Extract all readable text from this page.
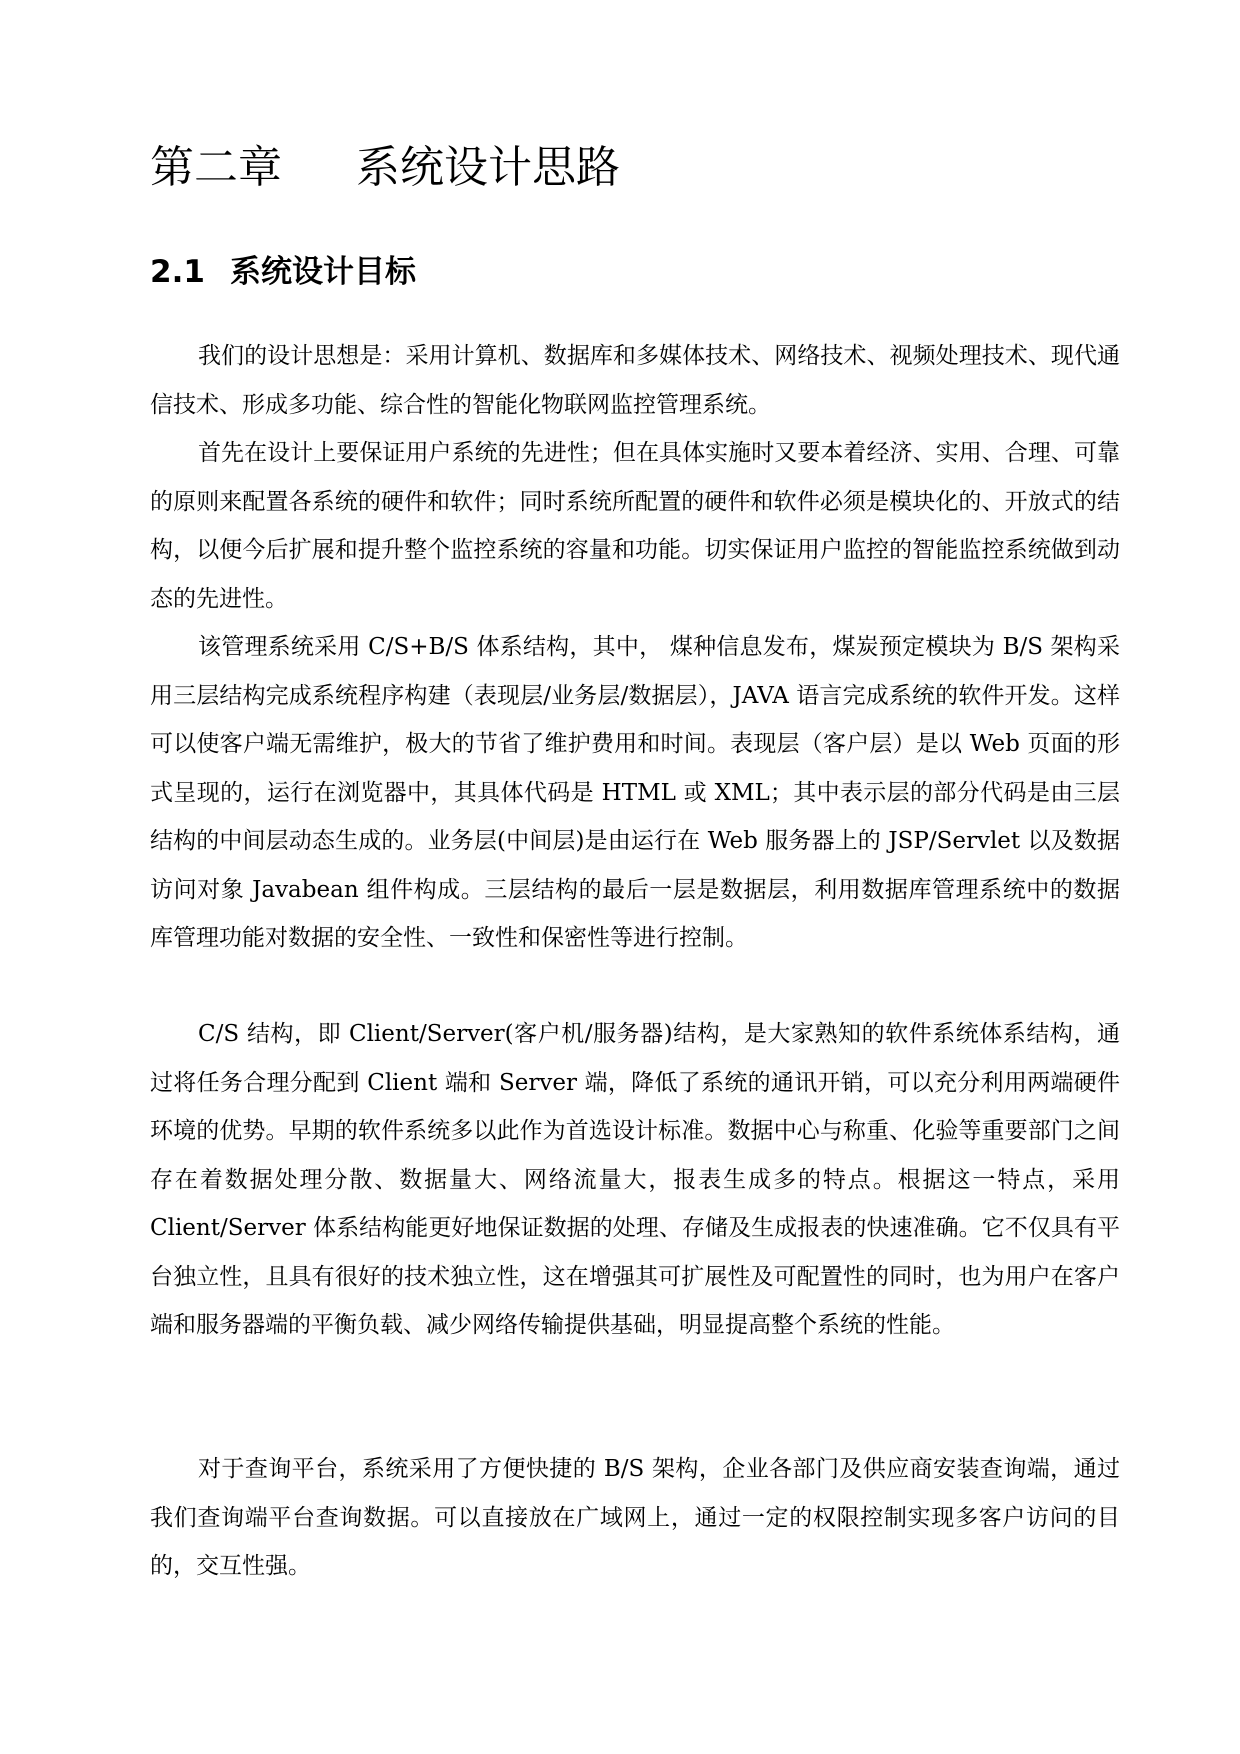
第二章 系统设计思路
2.1 系统设计目标

我们的设计思想是：采用计算机、数据库和多媒体技术、网络技术、视频处理技术、现代通信技术、形成多功能、综合性的智能化物联网监控管理系统。

首先在设计上要保证用户系统的先进性；但在具体实施时又要本着经济、实用、合理、可靠的原则来配置各系统的硬件和软件；同时系统所配置的硬件和软件必须是模块化的、开放式的结构，以便今后扩展和提升整个监控系统的容量和功能。切实保证用户监控的智能监控系统做到动态的先进性。

该管理系统采用 C/S+B/S 体系结构，其中， 煤种信息发布，煤炭预定模块为 B/S 架构采用三层结构完成系统程序构建（表现层/业务层/数据层），JAVA 语言完成系统的软件开发。这样可以使客户端无需维护，极大的节省了维护费用和时间。表现层（客户层）是以 Web 页面的形式呈现的，运行在浏览器中，其具体代码是 HTML 或 XML；其中表示层的部分代码是由三层结构的中间层动态生成的。业务层(中间层)是由运行在 Web 服务器上的 JSP/Servlet 以及数据访问对象 Javabean 组件构成。三层结构的最后一层是数据层，利用数据库管理系统中的数据库管理功能对数据的安全性、一致性和保密性等进行控制。

C/S 结构，即 Client/Server(客户机/服务器)结构，是大家熟知的软件系统体系结构，通过将任务合理分配到 Client 端和 Server 端，降低了系统的通讯开销，可以充分利用两端硬件环境的优势。早期的软件系统多以此作为首选设计标准。数据中心与称重、化验等重要部门之间存在着数据处理分散、数据量大、网络流量大，报表生成多的特点。根据这一特点，采用 Client/Server 体系结构能更好地保证数据的处理、存储及生成报表的快速准确。它不仅具有平台独立性，且具有很好的技术独立性，这在增强其可扩展性及可配置性的同时，也为用户在客户端和服务器端的平衡负载、减少网络传输提供基础，明显提高整个系统的性能。

对于查询平台，系统采用了方便快捷的 B/S 架构，企业各部门及供应商安装查询端，通过我们查询端平台查询数据。可以直接放在广域网上，通过一定的权限控制实现多客户访问的目的，交互性强。
